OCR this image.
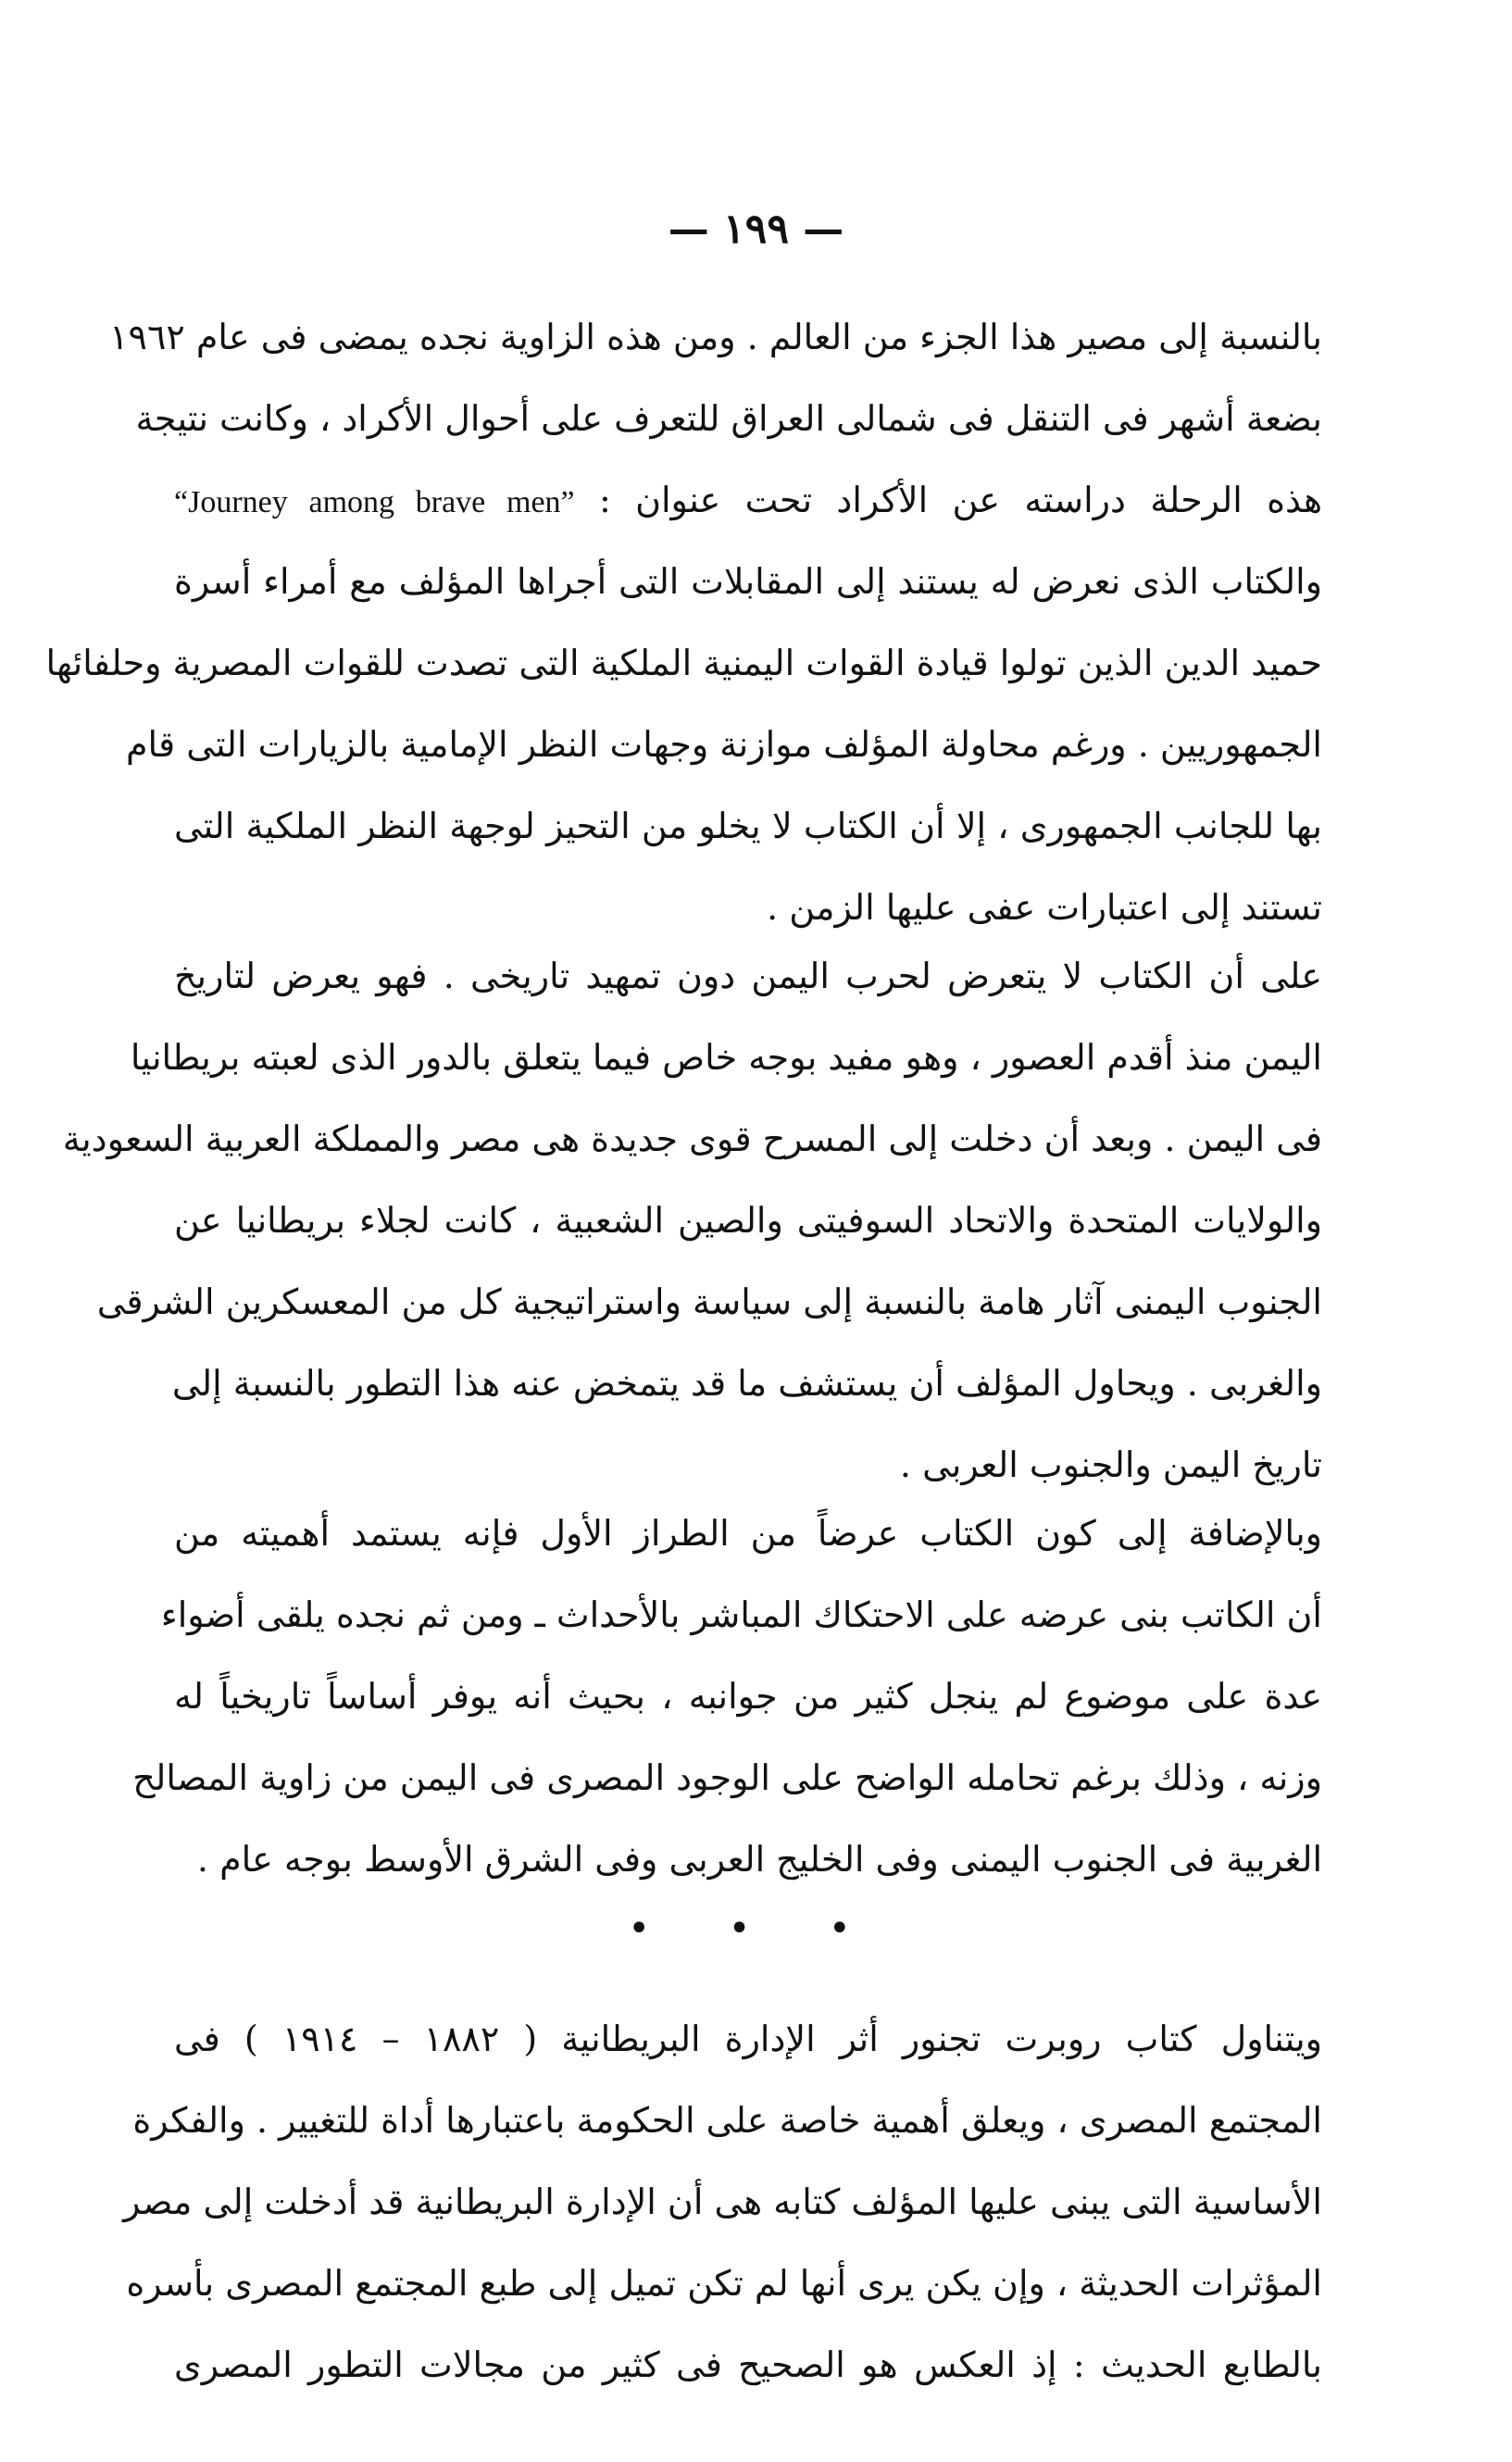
— ١٩٩ —
بالنسبة إلى مصير هذا الجزء من العالم . ومن هذه الزاوية نجده يمضى فى عام ١٩٦٢
بضعة أشهر فى التنقل فى شمالى العراق للتعرف على أحوال الأكراد ، وكانت نتيجة
هذه الرحلة دراسته عن الأكراد تحت عنوان : “Journey among brave men”
والكتاب الذى نعرض له يستند إلى المقابلات التى أجراها المؤلف مع أمراء أسرة
حميد الدين الذين تولوا قيادة القوات اليمنية الملكية التى تصدت للقوات المصرية وحلفائها
الجمهوريين . ورغم محاولة المؤلف موازنة وجهات النظر الإمامية بالزيارات التى قام
بها للجانب الجمهورى ، إلا أن الكتاب لا يخلو من التحيز لوجهة النظر الملكية التى
تستند إلى اعتبارات عفى عليها الزمن .
على أن الكتاب لا يتعرض لحرب اليمن دون تمهيد تاريخى . فهو يعرض لتاريخ
اليمن منذ أقدم العصور ، وهو مفيد بوجه خاص فيما يتعلق بالدور الذى لعبته بريطانيا
فى اليمن . وبعد أن دخلت إلى المسرح قوى جديدة هى مصر والمملكة العربية السعودية
والولايات المتحدة والاتحاد السوفيتى والصين الشعبية ، كانت لجلاء بريطانيا عن
الجنوب اليمنى آثار هامة بالنسبة إلى سياسة واستراتيجية كل من المعسكرين الشرقى
والغربى . ويحاول المؤلف أن يستشف ما قد يتمخض عنه هذا التطور بالنسبة إلى
تاريخ اليمن والجنوب العربى .
وبالإضافة إلى كون الكتاب عرضاً من الطراز الأول فإنه يستمد أهميته من
أن الكاتب بنى عرضه على الاحتكاك المباشر بالأحداث ـ ومن ثم نجده يلقى أضواء
عدة على موضوع لم ينجل كثير من جوانبه ، بحيث أنه يوفر أساساً تاريخياً له
وزنه ، وذلك برغم تحامله الواضح على الوجود المصرى فى اليمن من زاوية المصالح
الغربية فى الجنوب اليمنى وفى الخليج العربى وفى الشرق الأوسط بوجه عام .
• • •
ويتناول كتاب روبرت تجنور أثر الإدارة البريطانية ( ١٨٨٢ – ١٩١٤ ) فى
المجتمع المصرى ، ويعلق أهمية خاصة على الحكومة باعتبارها أداة للتغيير . والفكرة
الأساسية التى يبنى عليها المؤلف كتابه هى أن الإدارة البريطانية قد أدخلت إلى مصر
المؤثرات الحديثة ، وإن يكن يرى أنها لم تكن تميل إلى طبع المجتمع المصرى بأسره
بالطابع الحديث : إذ العكس هو الصحيح فى كثير من مجالات التطور المصرى
